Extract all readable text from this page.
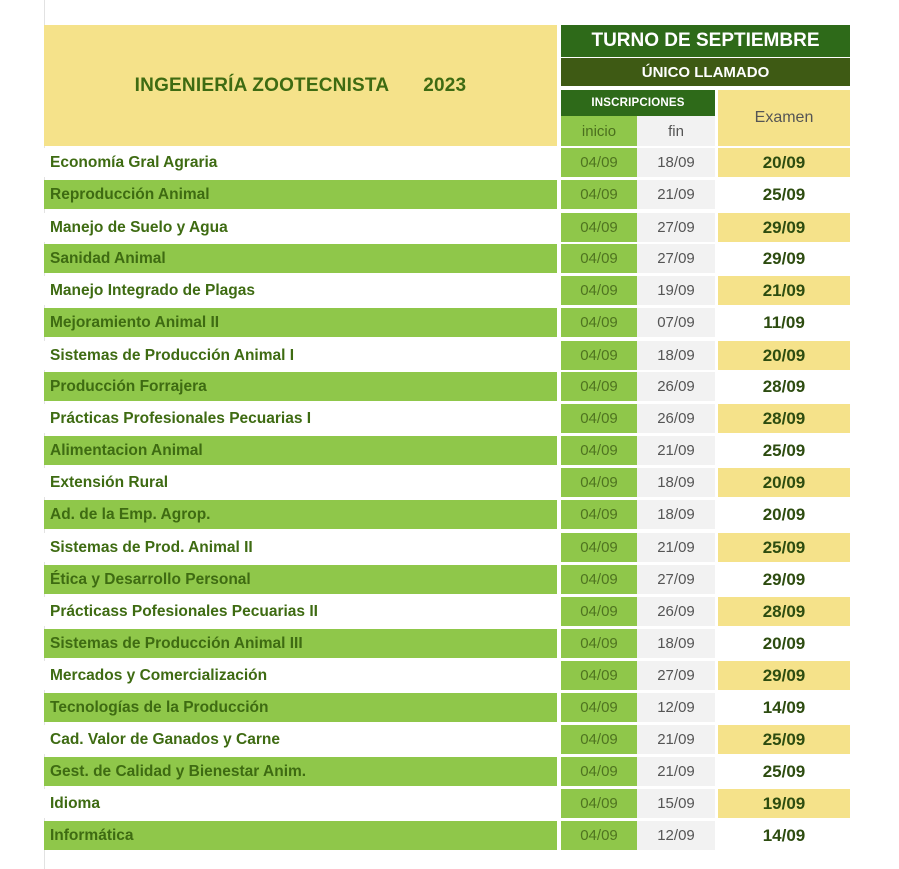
INGENIERÍA ZOOTECNISTA 2023
TURNO DE SEPTIEMBRE
ÚNICO LLAMADO
INSCRIPCIONES
inicio	fin
Examen
Economía Gral Agraria	04/09	18/09	20/09
Reproducción Animal	04/09	21/09	25/09
Manejo de Suelo y Agua	04/09	27/09	29/09
Sanidad Animal	04/09	27/09	29/09
Manejo Integrado de Plagas	04/09	19/09	21/09
Mejoramiento Animal II	04/09	07/09	11/09
Sistemas de Producción Animal I	04/09	18/09	20/09
Producción Forrajera	04/09	26/09	28/09
Prácticas Profesionales Pecuarias I	04/09	26/09	28/09
Alimentacion Animal	04/09	21/09	25/09
Extensión Rural	04/09	18/09	20/09
Ad. de la Emp. Agrop.	04/09	18/09	20/09
Sistemas de Prod. Animal II	04/09	21/09	25/09
Ética y Desarrollo Personal	04/09	27/09	29/09
Prácticass Pofesionales Pecuarias II	04/09	26/09	28/09
Sistemas de Producción Animal III	04/09	18/09	20/09
Mercados y Comercialización	04/09	27/09	29/09
Tecnologías de la Producción	04/09	12/09	14/09
Cad. Valor de Ganados y Carne	04/09	21/09	25/09
Gest. de Calidad y Bienestar Anim.	04/09	21/09	25/09
Idioma	04/09	15/09	19/09
Informática	04/09	12/09	14/09
